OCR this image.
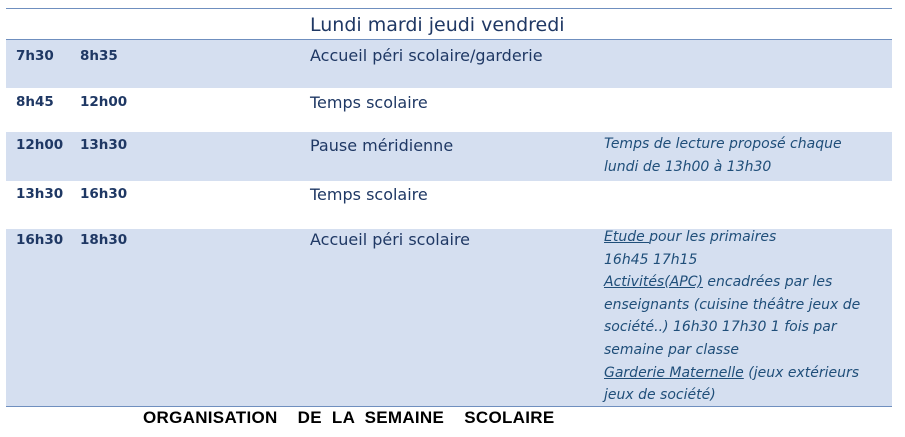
Lundi mardi jeudi vendredi
7h30 8h35	Accueil péri scolaire/garderie
8h45 12h00	Temps scolaire
12h00 13h30	Pause méridienne	Temps de lecture proposé chaque
lundi de 13h00 à 13h30
13h30 16h30	Temps scolaire
16h30 18h30	Accueil péri scolaire	Etude pour les primaires
16h45 17h15
Activités(APC) encadrées par les enseignants (cuisine théâtre jeux de société..) 16h30 17h30 1 fois par semaine par classe
Garderie Maternelle (jeux extérieurs jeux de société)
ORGANISATION    DE  LA  SEMAINE    SCOLAIRE
